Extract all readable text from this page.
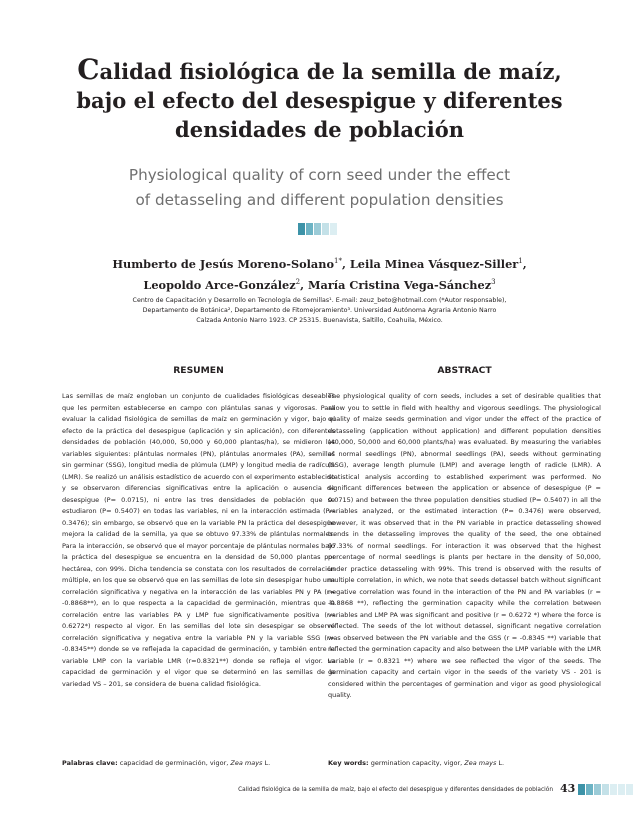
Calidad fisiológica de la semilla de maíz,
bajo el efecto del desespigue y diferentes
densidades de población

Physiological quality of corn seed under the effect
of detasseling and different population densities

Humberto de Jesús Moreno-Solano$^{1*}$, Leila Minea Vásquez-Siller$^1$,
Leopoldo Arce-González$^2$, María Cristina Vega-Sánchez$^3$
Centro de Capacitación y Desarrollo en Tecnología de Semillas¹. E-mail: zeuz_beto@hotmail.com (*Autor responsable),
Departamento de Botánica², Departamento de Fitomejoramiento³. Universidad Autónoma Agraria Antonio Narro
Calzada Antonio Narro 1923. CP 25315. Buenavista, Saltillo, Coahuila, México.
RESUMEN

Las semillas de maíz engloban un conjunto de cualidades fisiológicas deseables que les permiten establecerse en campo con plántulas sanas y vigorosas. Para evaluar la calidad fisiológica de semillas de maíz en germinación y vigor, bajo el efecto de la práctica del desespigue (aplicación y sin aplicación), con diferentes densidades de población (40,000, 50,000 y 60,000 plantas/ha), se midieron las variables siguientes: plántulas normales (PN), plántulas anormales (PA), semillas sin germinar (SSG), longitud media de plúmula (LMP) y longitud media de radícula (LMR). Se realizó un análisis estadístico de acuerdo con el experimento establecido y se observaron diferencias significativas entre la aplicación o ausencia de desespigue (P= 0.0715), ni entre las tres densidades de población que se estudiaron (P= 0.5407) en todas las variables, ni en la interacción estimada (P= 0.3476); sin embargo, se observó que en la variable PN la práctica del desespigue mejora la calidad de la semilla, ya que se obtuvo 97.33% de plántulas normales. Para la interacción, se observó que el mayor porcentaje de plántulas normales bajo la práctica del desespigue se encuentra en la densidad de 50,000 plantas por hectárea, con 99%. Dicha tendencia se constata con los resultados de correlación múltiple, en los que se observó que en las semillas de lote sin desespigar hubo una correlación significativa y negativa en la interacción de las variables PN y PA (r= -0.8868**), en lo que respecta a la capacidad de germinación, mientras que la correlación entre las variables PA y LMP fue significativamente positiva (r= 0.6272*) respecto al vigor. En las semillas del lote sin desespigar se observó correlación significativa y negativa entre la variable PN y la variable SSG (r= -0.8345**) donde se ve reflejada la capacidad de germinación, y también entre la variable LMP con la variable LMR (r=0.8321**) donde se refleja el vigor. La capacidad de germinación y el vigor que se determinó en las semillas de la variedad VS – 201, se considera de buena calidad fisiológica.

Palabras clave: capacidad de germinación, vigor, Zea mays L.
ABSTRACT

The physiological quality of corn seeds, includes a set of desirable qualities that allow you to settle in field with healthy and vigorous seedlings. The physiological quality of maize seeds germination and vigor under the effect of the practice of detasseling (application without application) and different population densities (40,000, 50,000 and 60,000 plants/ha) was evaluated. By measuring the variables of normal seedlings (PN), abnormal seedlings (PA), seeds without germinating (SSG), average length plumule (LMP) and average length of radicle (LMR). A statistical analysis according to established experiment was performed. No significant differences between the application or absence of desespigue (P = 0.0715) and between the three population densities studied (P= 0.5407) in all the variables analyzed, or the estimated interaction (P= 0.3476) were observed, however, it was observed that in the PN variable in practice detasseling showed trends in the detasseling improves the quality of the seed, the one obtained 97.33% of normal seedlings. For interaction it was observed that the highest percentage of normal seedlings is plants per hectare in the density of 50,000, under practice detasseling with 99%. This trend is observed with the results of multiple correlation, in which, we note that seeds detassel batch without significant negative correlation was found in the interaction of the PN and PA variables (r = -0.8868 **), reflecting the germination capacity while the correlation between variables and LMP PA was significant and positive (r = 0.6272 *) where the force is reflected. The seeds of the lot without detassel, significant negative correlation was observed between the PN variable and the GSS (r = -0.8345 **) variable that reflected the germination capacity and also between the LMP variable with the LMR variable (r = 0.8321 **) where we see reflected the vigor of the seeds. The germination capacity and certain vigor in the seeds of the variety VS - 201 is considered within the percentages of germination and vigor as good physiological quality.

Key words: germination capacity, vigor, Zea mays L.
Calidad fisiológica de la semilla de maíz, bajo el efecto del desespigue y diferentes densidades de población 43
